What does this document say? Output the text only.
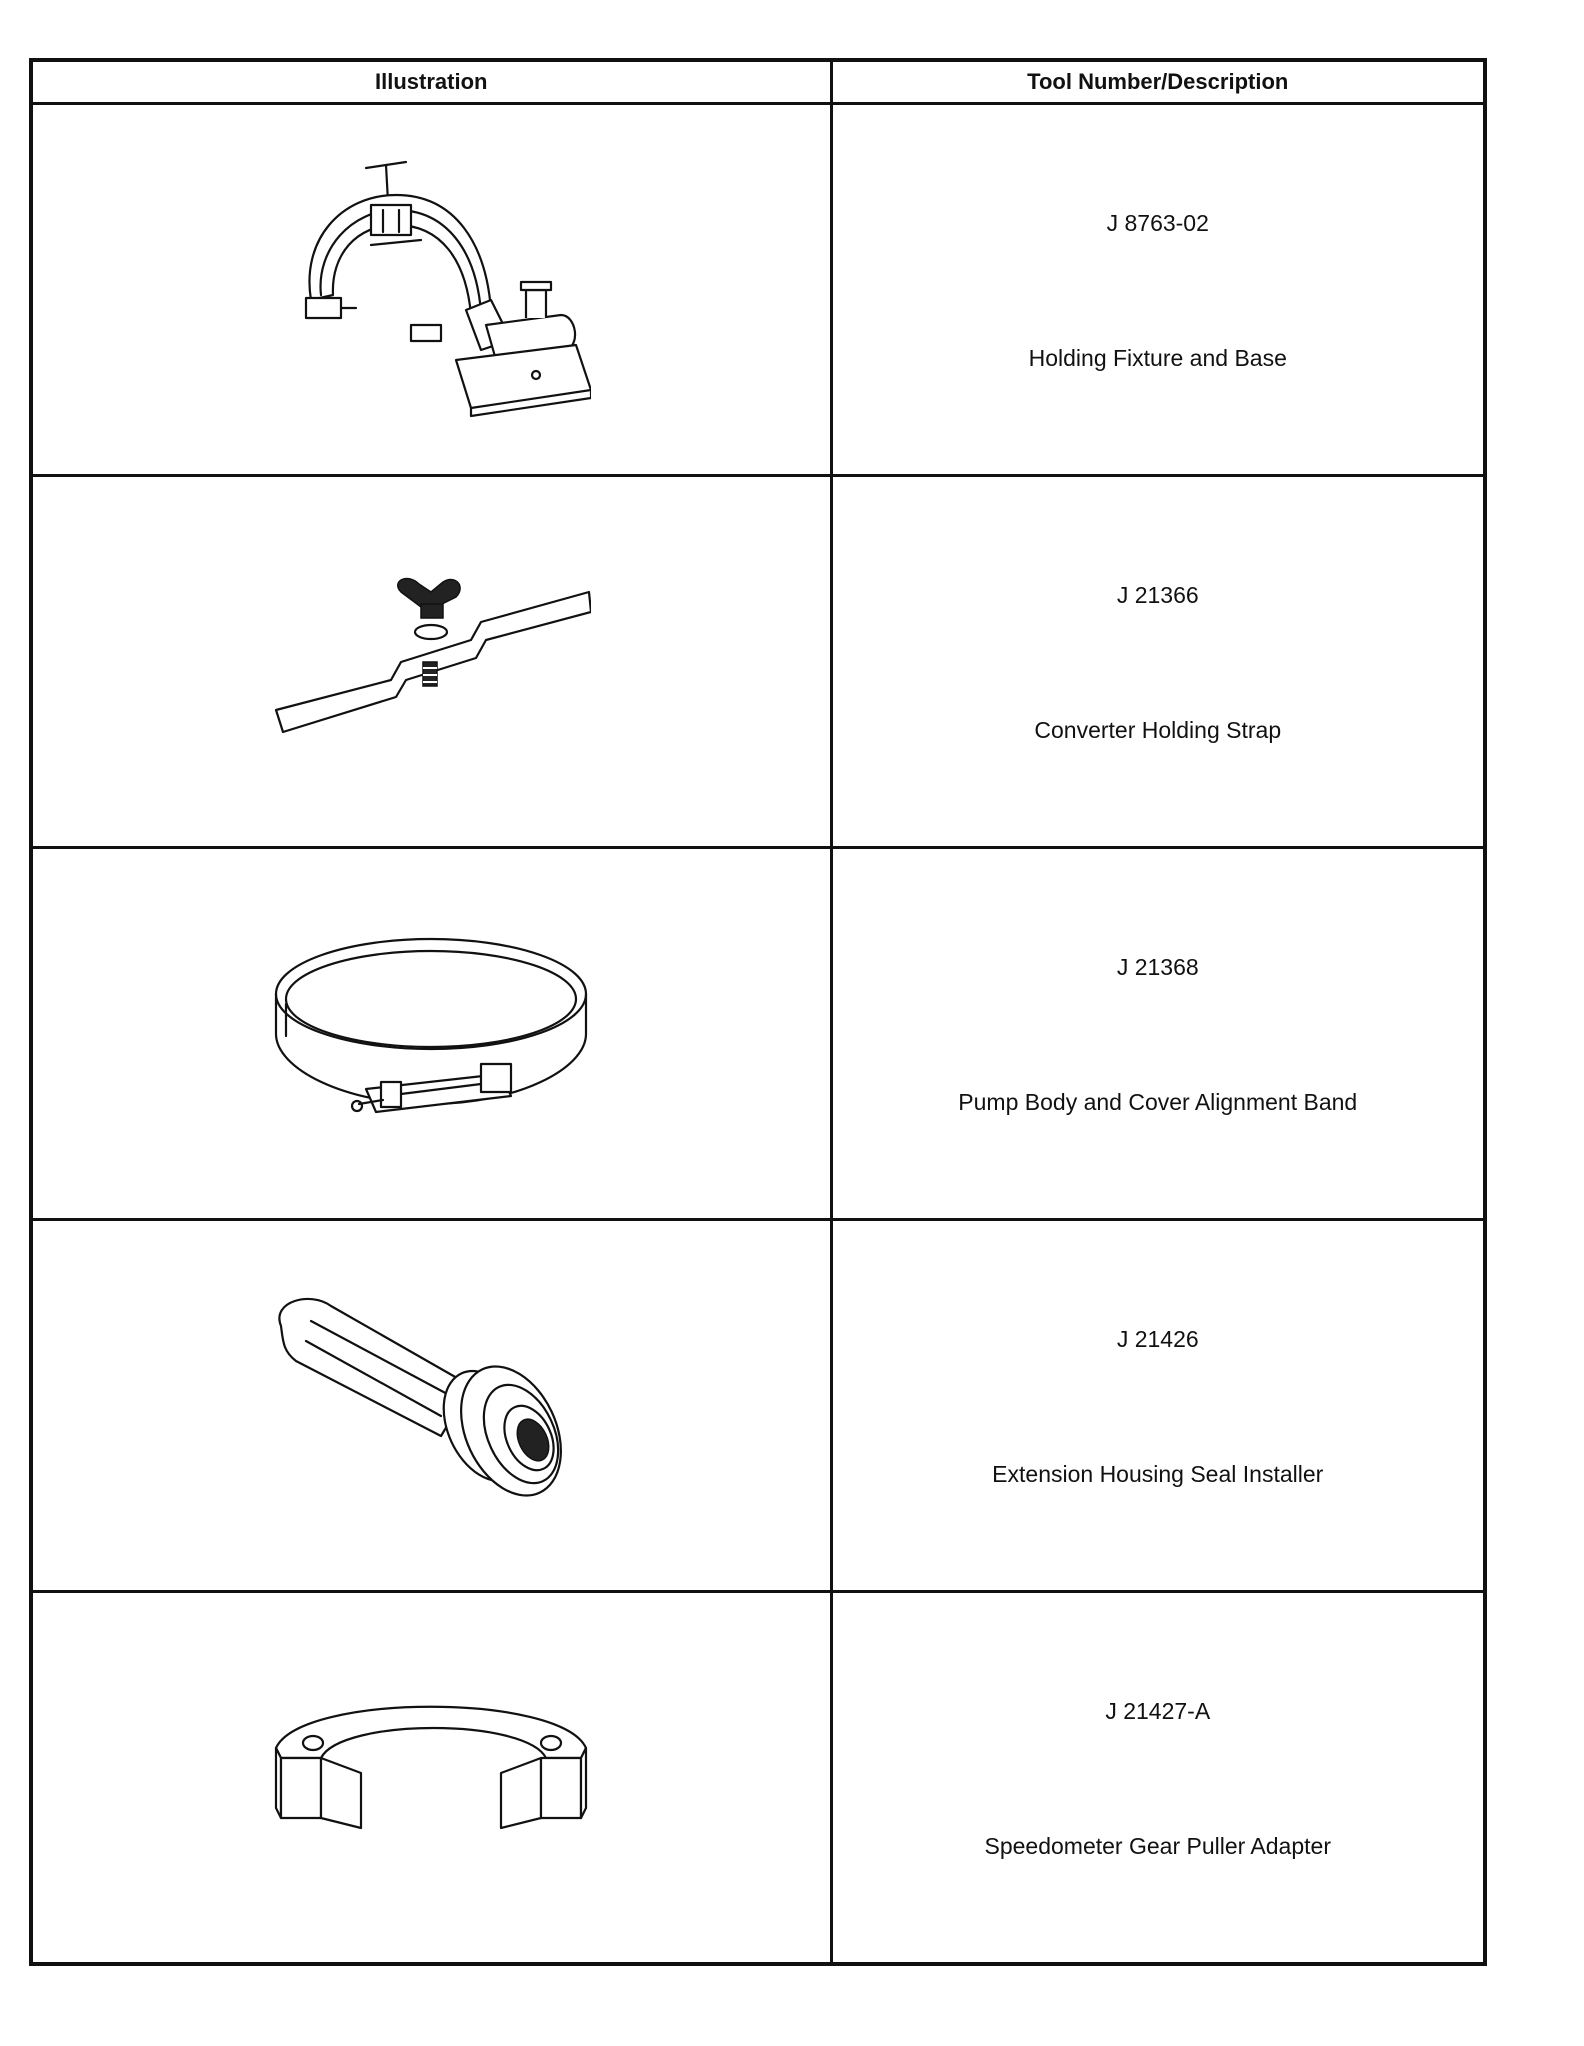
Illustration	Tool Number/Description

J 8763-02
Holding Fixture and Base

J 21366
Converter Holding Strap

J 21368
Pump Body and Cover Alignment Band

J 21426
Extension Housing Seal Installer

J 21427-A
Speedometer Gear Puller Adapter
